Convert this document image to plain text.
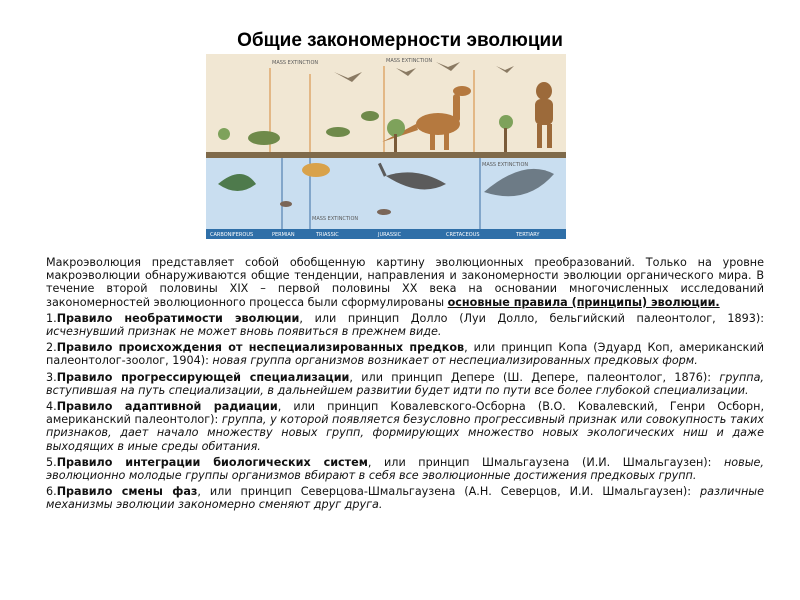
Общие закономерности эволюции
MASS EXTINCTION	MASS EXTINCTION
MASS EXTINCTION
MASS EXTINCTION
CARBONIFEROUS	PERMIAN	TRIASSIC	JURASSIC	CRETACEOUS	TERTIARY

Макроэволюция представляет собой обобщенную картину эволюционных преобразований. Только на уровне макроэволюции обнаруживаются общие тенденции, направления и закономерности эволюции органического мира. В течение второй половины XIX – первой половины XX века на основании многочисленных исследований закономерностей эволюционного процесса были сформулированы основные правила (принципы) эволюции.

1.Правило необратимости эволюции, или принцип Долло (Луи Долло, бельгийский палеонтолог, 1893): исчезнувший признак не может вновь появиться в прежнем виде.

2.Правило происхождения от неспециализированных предков, или принцип Копа (Эдуард Коп, американский палеонтолог-зоолог, 1904): новая группа организмов возникает от неспециализированных предковых форм.

3.Правило прогрессирующей специализации, или принцип Депере (Ш. Депере, палеонтолог, 1876): группа, вступившая на путь специализации, в дальнейшем развитии будет идти по пути все более глубокой специализации.

4.Правило адаптивной радиации, или принцип Ковалевского-Осборна (В.О. Ковалевский, Генри Осборн, американский палеонтолог): группа, у которой появляется безусловно прогрессивный признак или совокупность таких признаков, дает начало множеству новых групп, формирующих множество новых экологических ниш и даже выходящих в иные среды обитания.

5.Правило интеграции биологических систем, или принцип Шмальгаузена (И.И. Шмальгаузен): новые, эволюционно молодые группы организмов вбирают в себя все эволюционные достижения предковых групп.

6.Правило смены фаз, или принцип Северцова-Шмальгаузена (А.Н. Северцов, И.И. Шмальгаузен): различные механизмы эволюции закономерно сменяют друг друга.
